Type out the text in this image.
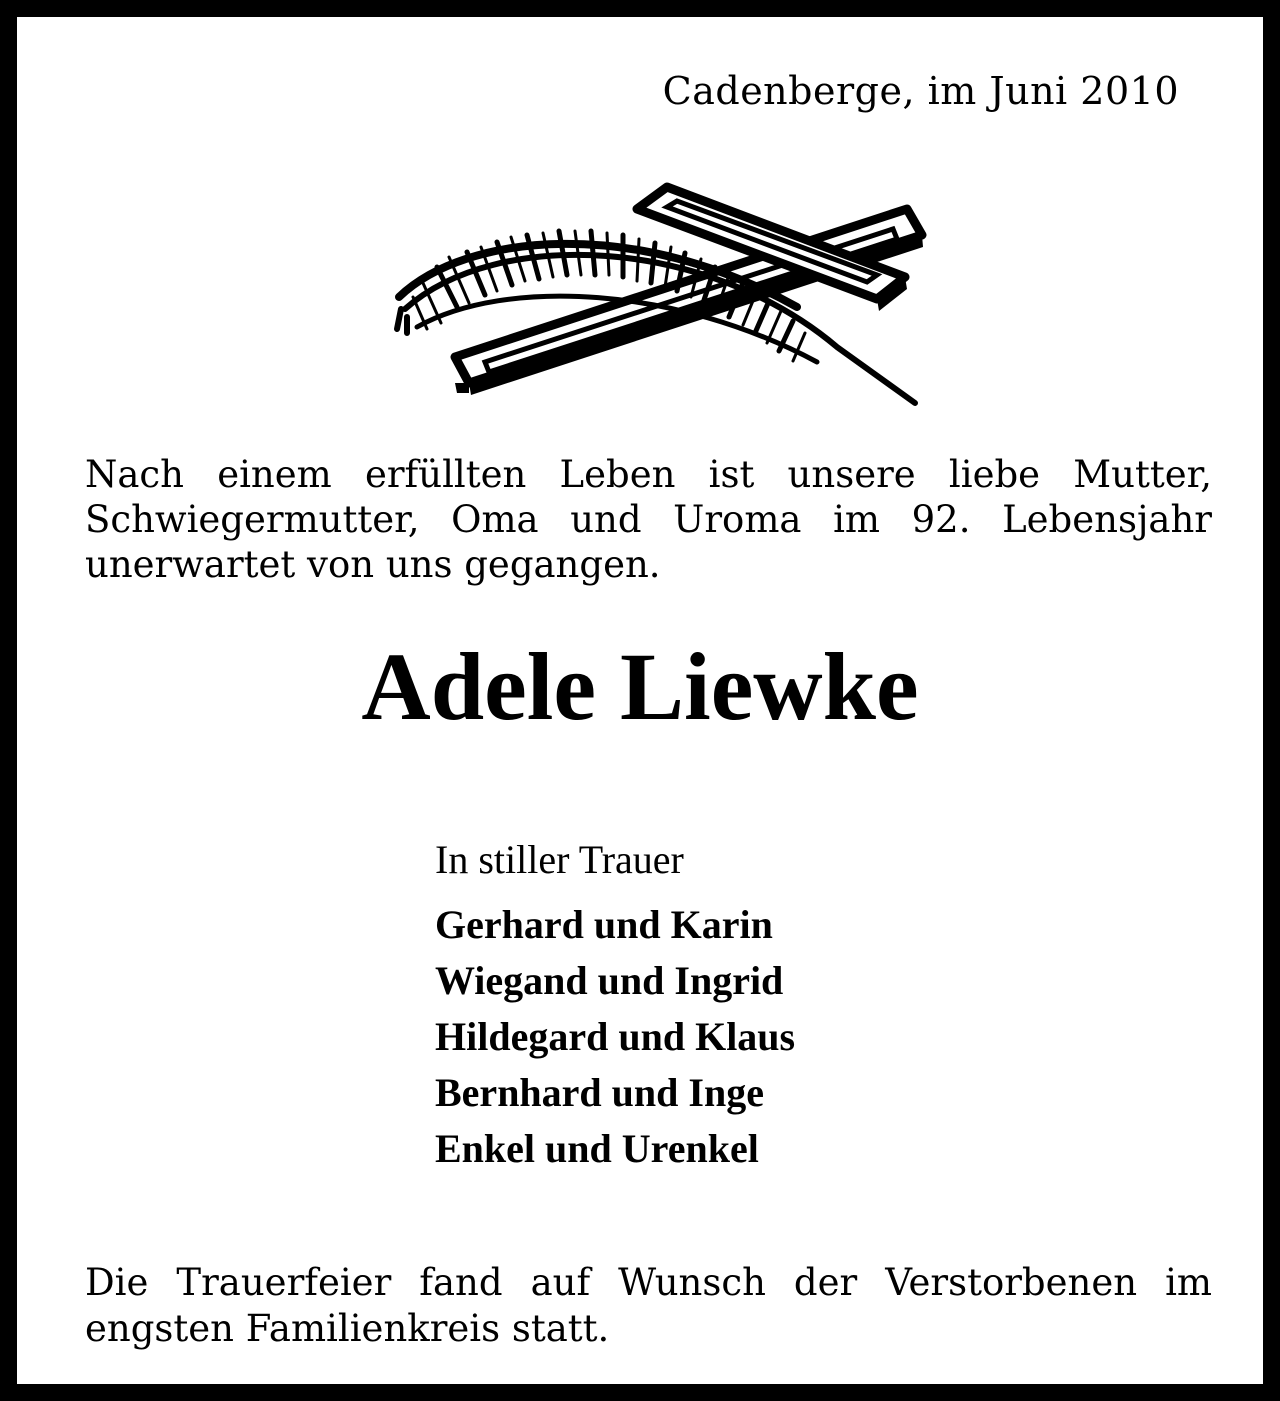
Cadenberge, im Juni 2010

Nach einem erfüllten Leben ist unsere liebe Mutter, Schwiegermutter, Oma und Uroma im 92. Lebensjahr unerwartet von uns gegangen.

Adele Liewke
In stiller Trauer
Gerhard und Karin
Wiegand und Ingrid
Hildegard und Klaus
Bernhard und Inge
Enkel und Urenkel

Die Trauerfeier fand auf Wunsch der Verstorbenen im engsten Familienkreis statt.
